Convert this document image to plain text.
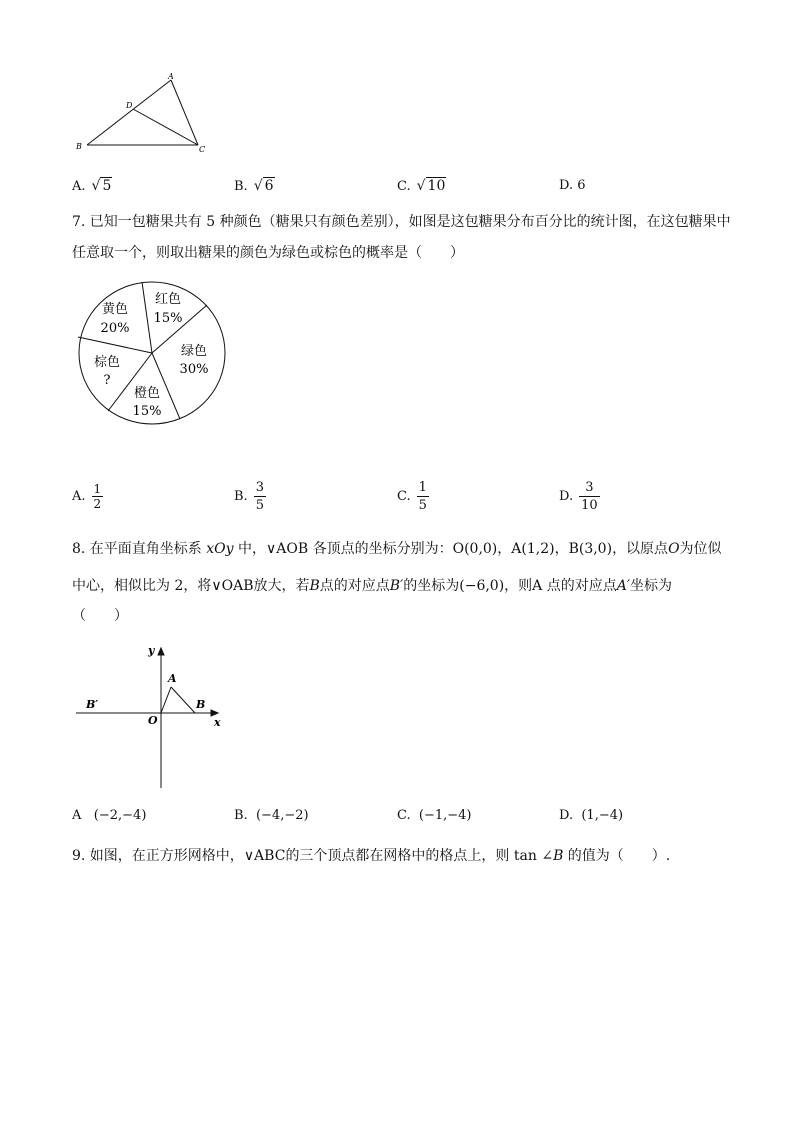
A
D
B	C
A. √ 5	B. √ 6	C. √ 10	D. 6
7. 已知一包糖果共有 5 种颜色（糖果只有颜色差别），如图是这包糖果分布百分比的统计图，在这包糖果中
任意取一个，则取出糖果的颜色为绿色或棕色的概率是（　　）
黄色
20%
红色
15%
绿色
30%
橙色
15%
棕色
?
A. $\frac{1}{2}$	B. $\frac{3}{5}$	C. $\frac{1}{5}$	D. $\frac{3}{10}$
8. 在平面直角坐标系 xOy 中，∨AOB 各顶点的坐标分别为：O(0,0)，A(1,2)，B(3,0)，以原点O为位似
中心，相似比为 2，将∨OAB放大，若B点的对应点B′的坐标为(−6,0)，则A 点的对应点A′坐标为
（　　）
y
x
O
A
B
B′
A (−2,−4)	B. (−4,−2)	C. (−1,−4)	D. (1,−4)
9. 如图，在正方形网格中，∨ABC的三个顶点都在网格中的格点上，则 tan ∠B 的值为（　　）.
